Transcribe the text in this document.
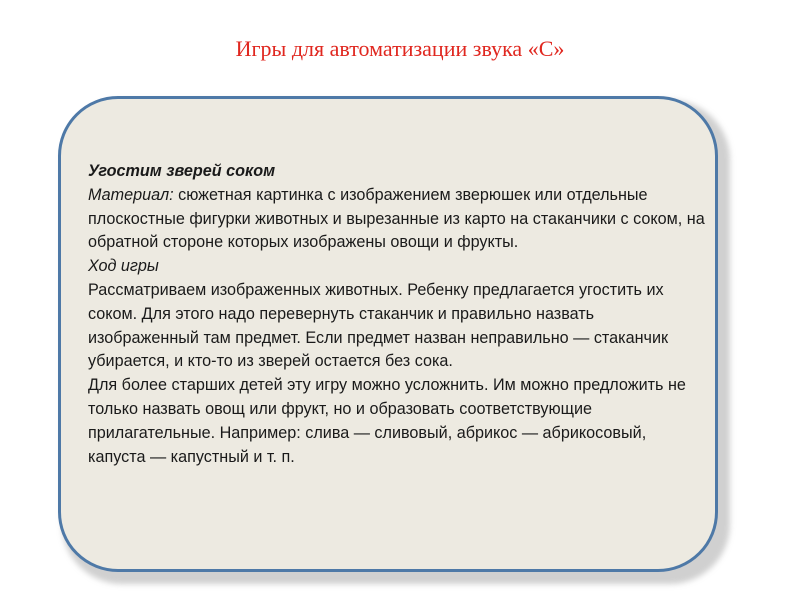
Игры для автоматизации звука «С»

Угостим зверей соком

Материал: сюжетная картинка с изображением зверюшек или отдельные плоскостные фигурки животных и вырезанные из карто на стаканчики с соком, на обратной стороне которых изображены овощи и фрукты.

Ход игры

Рассматриваем изображенных животных. Ребенку предлагается угостить их соком. Для этого надо перевернуть стаканчик и правильно назвать изображенный там предмет. Если предмет назван неправильно — стаканчик убирается, и кто-то из зверей остается без сока.

Для более старших детей эту игру можно усложнить. Им можно предложить не только назвать овощ или фрукт, но и образовать соответствующие прилагательные. Например: слива — сливовый, абрикос — абрикосовый, капуста — капустный и т. п.
